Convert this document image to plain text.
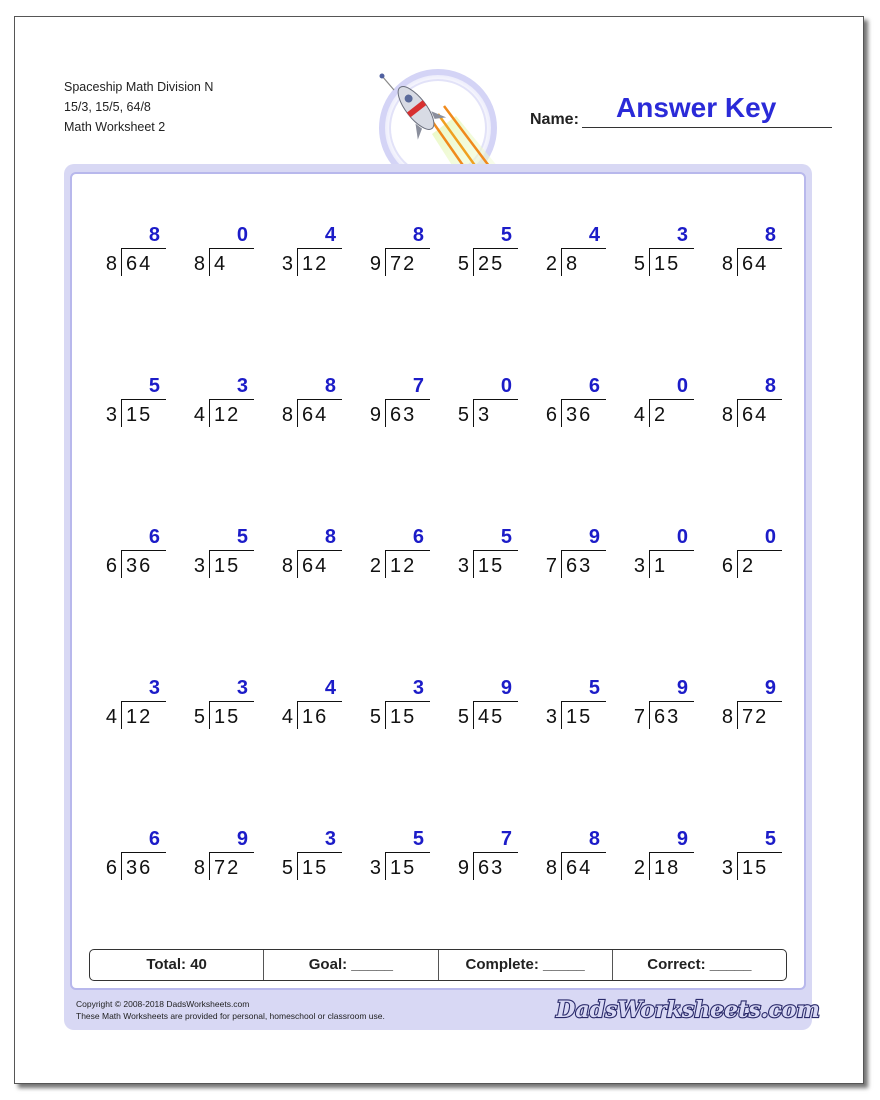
Spaceship Math Division N
15/3, 15/5, 64/8
Math Worksheet 2	Name: Answer Key
8
8 64
0
8 4
4
3 12
8
9 72
5
5 25
4
2 8
3
5 15
8
8 64
5
3 15
3
4 12
8
8 64
7
9 63
0
5 3
6
6 36
0
4 2
8
8 64
6
6 36
5
3 15
8
8 64
6
2 12
5
3 15
9
7 63
0
3 1
0
6 2
3
4 12
3
5 15
4
4 16
3
5 15
9
5 45
5
3 15
9
7 63
9
8 72
6
6 36
9
8 72
3
5 15
5
3 15
7
9 63
8
8 64
9
2 18
5
3 15
Total: 40	Goal: _____	Complete: _____	Correct: _____
Copyright © 2008-2018 DadsWorksheets.com
These Math Worksheets are provided for personal, homeschool or classroom use.	DadsWorksheets.com
